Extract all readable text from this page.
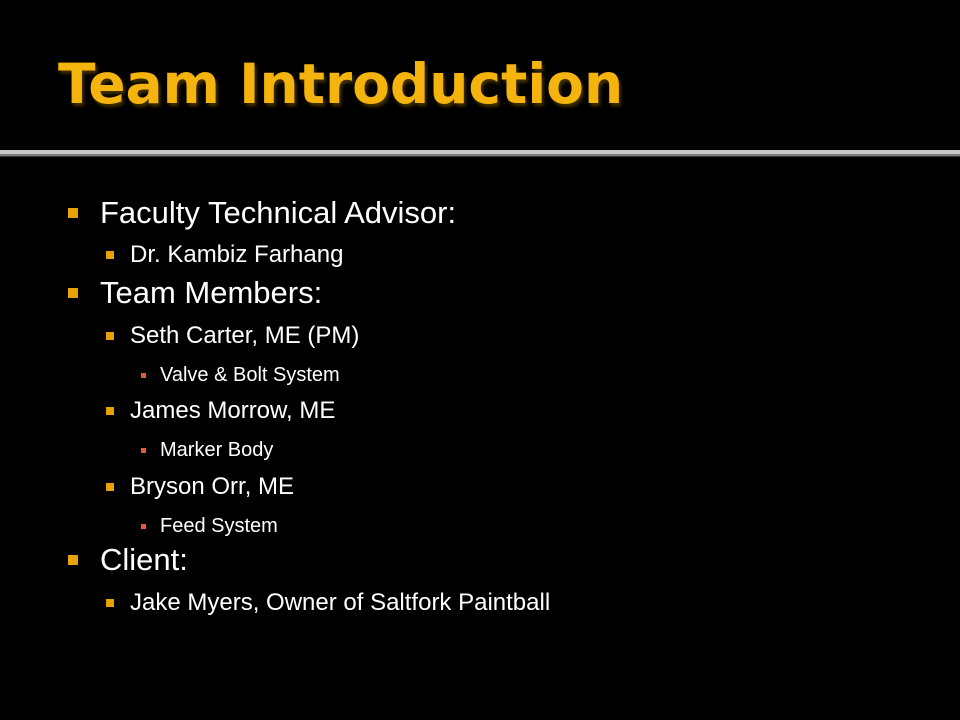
Team Introduction
Faculty Technical Advisor:
Dr. Kambiz Farhang
Team Members:
Seth Carter, ME (PM)
Valve & Bolt System
James Morrow, ME
Marker Body
Bryson Orr, ME
Feed System
Client:
Jake Myers, Owner of Saltfork Paintball
